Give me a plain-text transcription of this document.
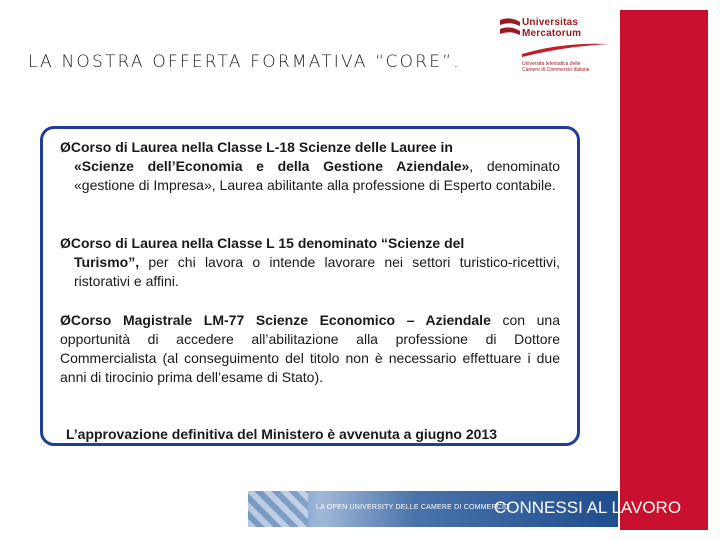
LA NOSTRA OFFERTA FORMATIVA “CORE”.
Universitas
Mercatorum
Università telematica delle
Camere di Commercio Italiane
ØCorso di Laurea nella Classe L-18 Scienze delle Lauree in
«Scienze dell’Economia e della Gestione Aziendale», denominato «gestione di Impresa», Laurea abilitante alla professione di Esperto contabile.
ØCorso di Laurea nella Classe L 15 denominato “Scienze del
Turismo”, per chi lavora o intende lavorare nei settori turistico-ricettivi, ristorativi e affini.
ØCorso Magistrale LM-77 Scienze Economico – Aziendale con una opportunità di accedere all’abilitazione alla professione di Dottore Commercialista (al conseguimento del titolo non è necessario effettuare i due anni di tirocinio prima dell’esame di Stato).
L’approvazione definitiva del Ministero è avvenuta a giugno 2013
LA OPEN UNIVERSITY DELLE CAMERE DI COMMERCIO
CONNESSI AL LAVORO
